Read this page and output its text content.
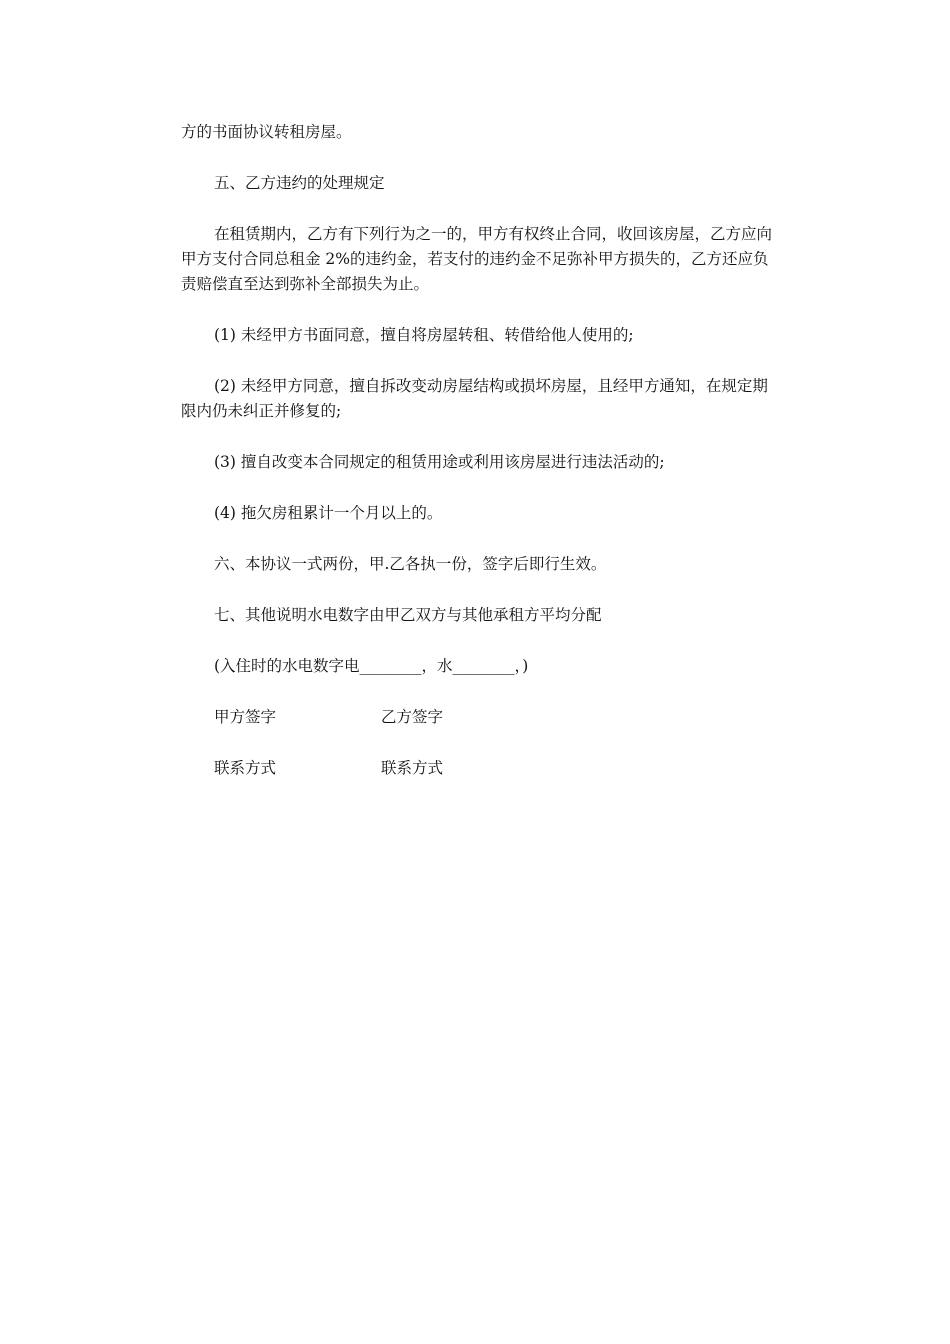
方的书面协议转租房屋。

五、乙方违约的处理规定

在租赁期内，乙方有下列行为之一的，甲方有权终止合同，收回该房屋，乙方应向甲方支付合同总租金 2%的违约金，若支付的违约金不足弥补甲方损失的，乙方还应负责赔偿直至达到弥补全部损失为止。

(1) 未经甲方书面同意，擅自将房屋转租、转借给他人使用的;

(2) 未经甲方同意，擅自拆改变动房屋结构或损坏房屋，且经甲方通知，在规定期限内仍未纠正并修复的;

(3) 擅自改变本合同规定的租赁用途或利用该房屋进行违法活动的;

(4) 拖欠房租累计一个月以上的。

六、本协议一式两份，甲.乙各执一份，签字后即行生效。

七、其他说明水电数字由甲乙双方与其他承租方平均分配

(入住时的水电数字电________，水________，)

甲方签字	乙方签字
联系方式	联系方式
